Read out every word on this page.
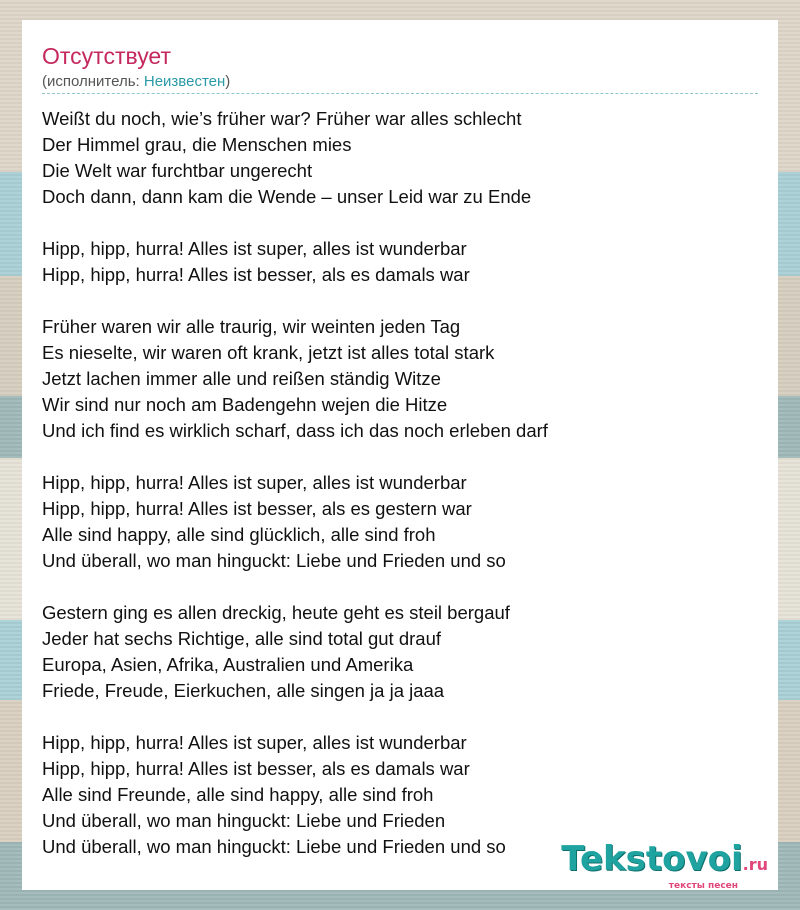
Отсутствует
(исполнитель: Неизвестен)
Weißt du noch, wie’s früher war? Früher war alles schlecht
Der Himmel grau, die Menschen mies
Die Welt war furchtbar ungerecht
Doch dann, dann kam die Wende – unser Leid war zu Ende
Hipp, hipp, hurra! Alles ist super, alles ist wunderbar
Hipp, hipp, hurra! Alles ist besser, als es damals war
Früher waren wir alle traurig, wir weinten jeden Tag
Es nieselte, wir waren oft krank, jetzt ist alles total stark
Jetzt lachen immer alle und reißen ständig Witze
Wir sind nur noch am Badengehn wejen die Hitze
Und ich find es wirklich scharf, dass ich das noch erleben darf
Hipp, hipp, hurra! Alles ist super, alles ist wunderbar
Hipp, hipp, hurra! Alles ist besser, als es gestern war
Alle sind happy, alle sind glücklich, alle sind froh
Und überall, wo man hinguckt: Liebe und Frieden und so
Gestern ging es allen dreckig, heute geht es steil bergauf
Jeder hat sechs Richtige, alle sind total gut drauf
Europa, Asien, Afrika, Australien und Amerika
Friede, Freude, Eierkuchen, alle singen ja ja jaaa
Hipp, hipp, hurra! Alles ist super, alles ist wunderbar
Hipp, hipp, hurra! Alles ist besser, als es damals war
Alle sind Freunde, alle sind happy, alle sind froh
Und überall, wo man hinguckt: Liebe und Frieden
Und überall, wo man hinguckt: Liebe und Frieden und so	Tekstovoi.ru
тексты песен
